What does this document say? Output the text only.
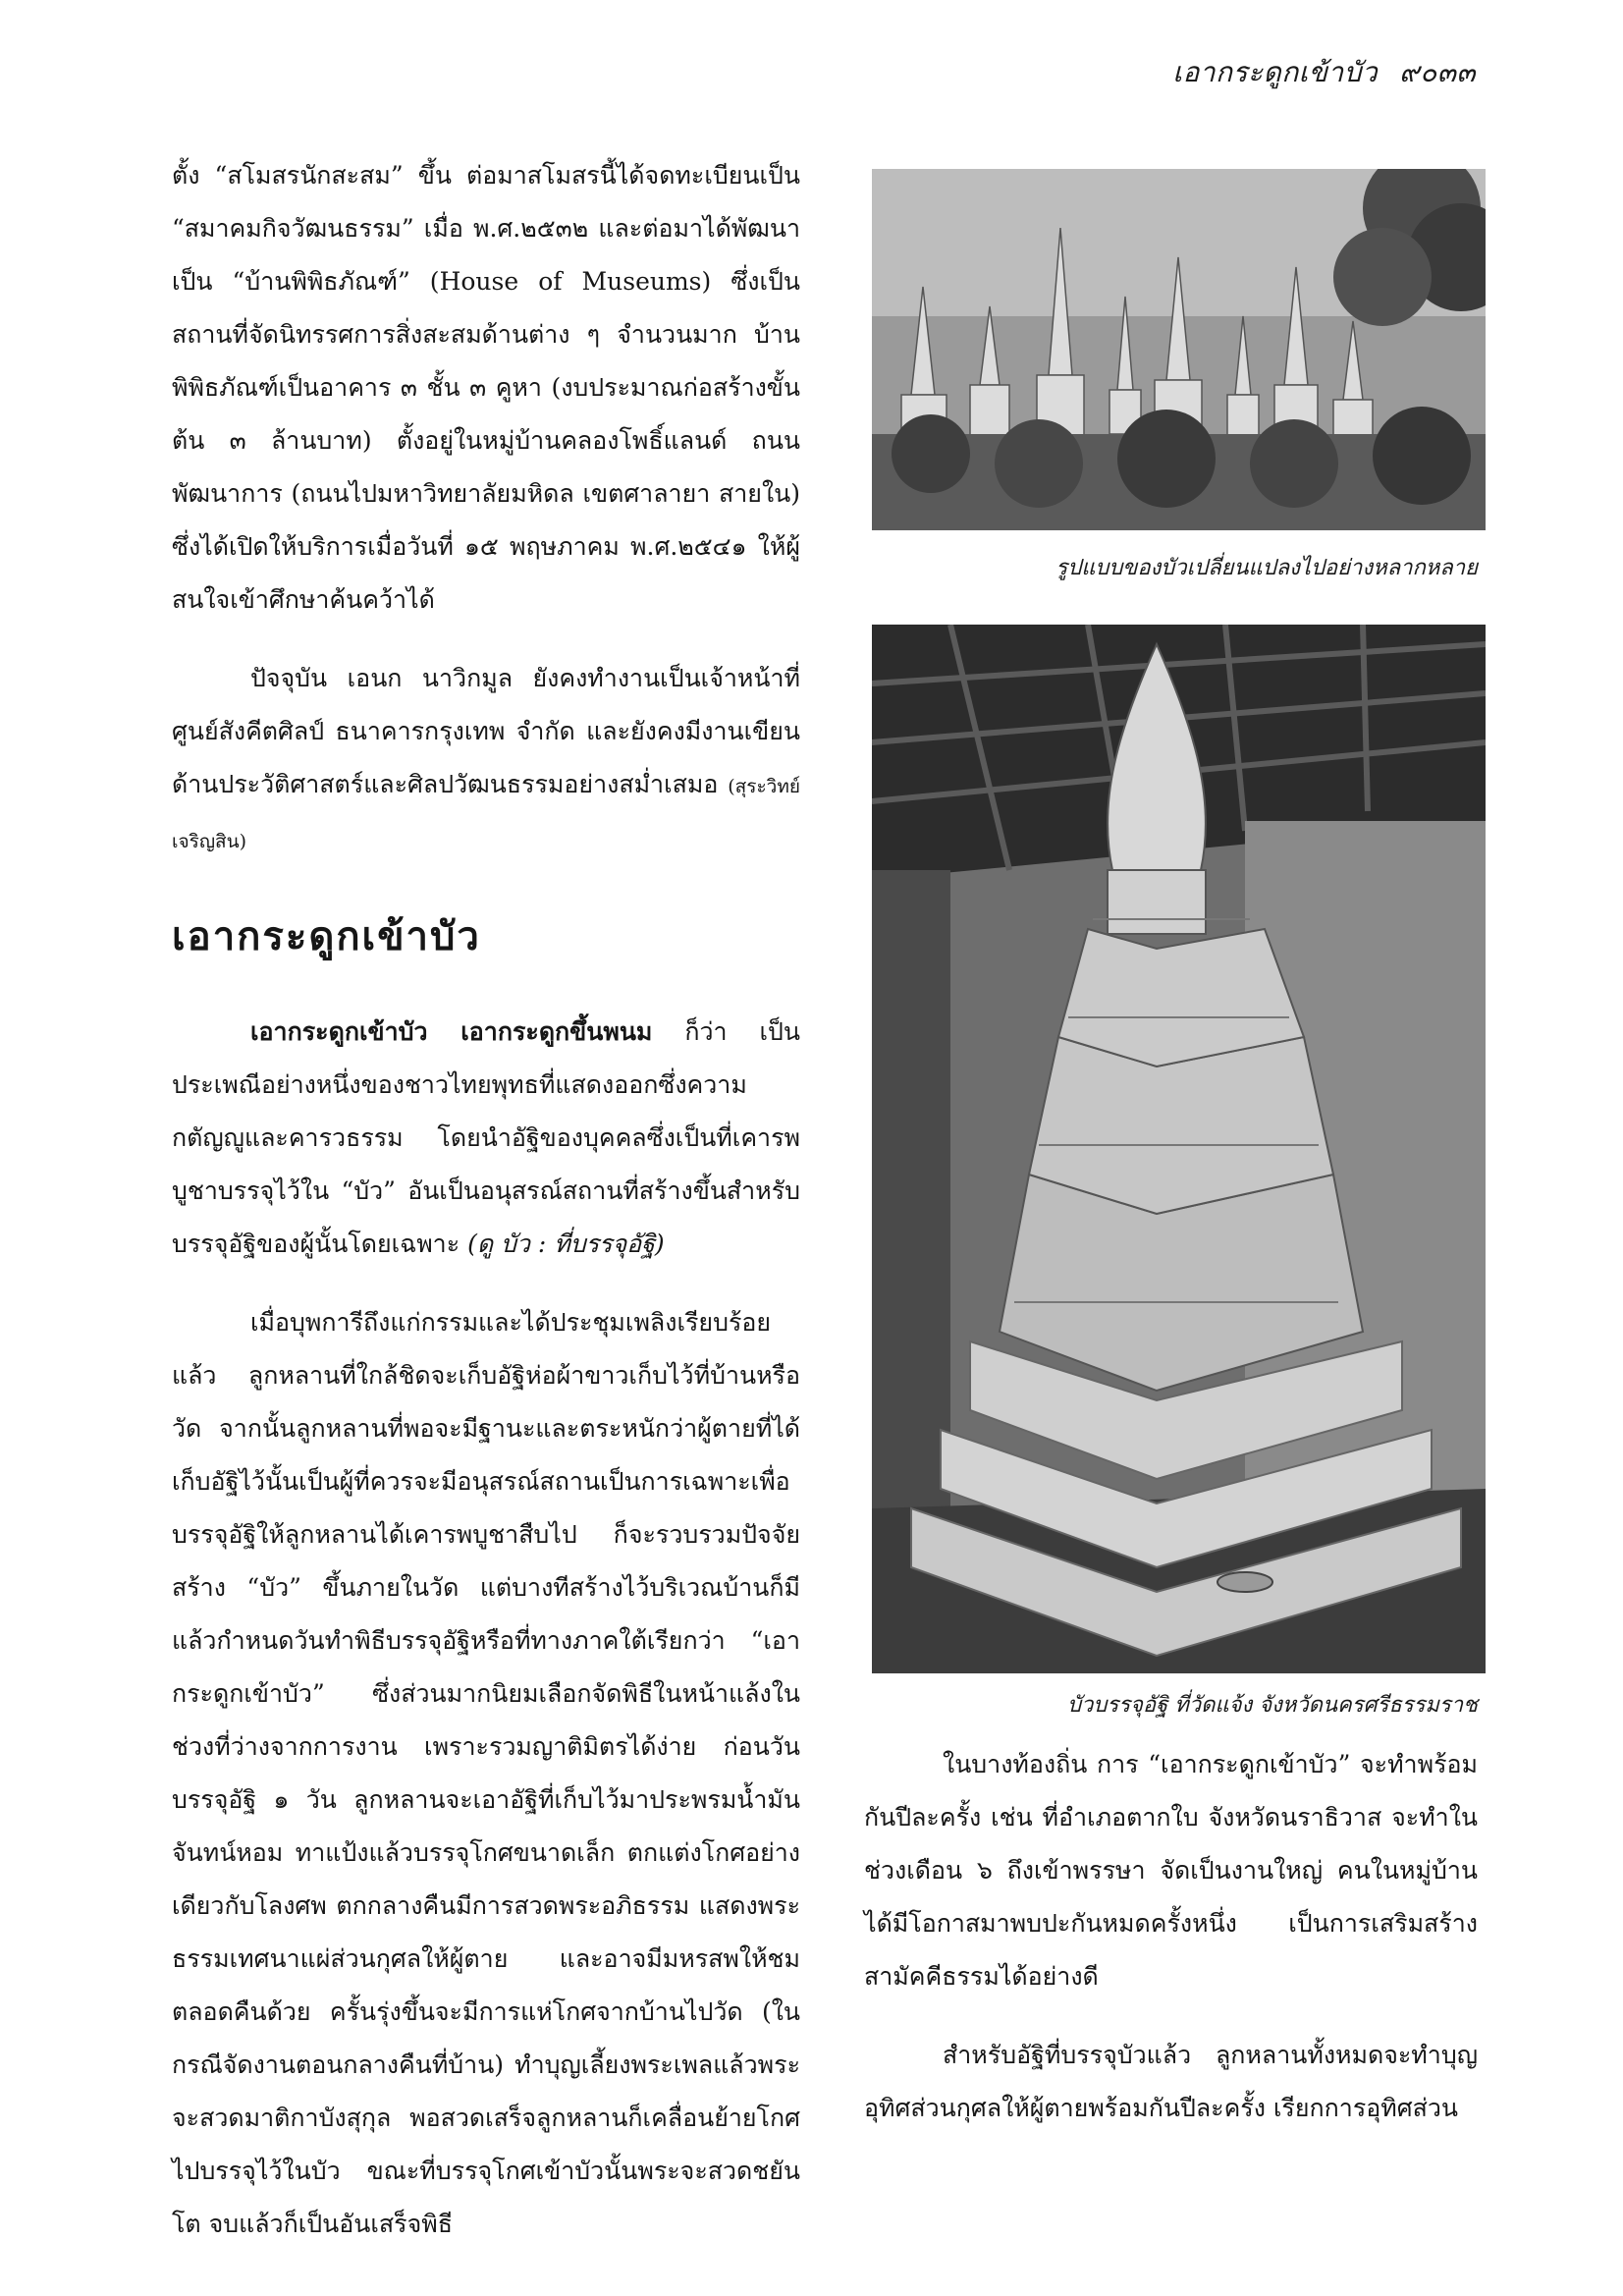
เอากระดูกเข้าบัว ๙๐๓๓

ตั้ง “สโมสรนักสะสม” ขึ้น ต่อมาสโมสรนี้ได้จดทะเบียนเป็น “สมาคมกิจวัฒนธรรม” เมื่อ พ.ศ.๒๕๓๒ และต่อมาได้พัฒนาเป็น “บ้านพิพิธภัณฑ์” (House of Museums) ซึ่งเป็นสถานที่จัดนิทรรศการสิ่งสะสมด้านต่าง ๆ จำนวนมาก บ้านพิพิธภัณฑ์เป็นอาคาร ๓ ชั้น ๓ คูหา (งบประมาณก่อสร้างขั้นต้น ๓ ล้านบาท) ตั้งอยู่ในหมู่บ้านคลองโพธิ์แลนด์ ถนนพัฒนาการ (ถนนไปมหาวิทยาลัยมหิดล เขตศาลายา สายใน) ซึ่งได้เปิดให้บริการเมื่อวันที่ ๑๕ พฤษภาคม พ.ศ.๒๕๔๑ ให้ผู้สนใจเข้าศึกษาค้นคว้าได้

ปัจจุบัน เอนก นาวิกมูล ยังคงทำงานเป็นเจ้าหน้าที่ศูนย์สังคีตศิลป์ ธนาคารกรุงเทพ จำกัด และยังคงมีงานเขียนด้านประวัติศาสตร์และศิลปวัฒนธรรมอย่างสม่ำเสมอ (สุระวิทย์ เจริญสิน)

เอากระดูกเข้าบัว

เอากระดูกเข้าบัว เอากระดูกขึ้นพนม ก็ว่า เป็นประเพณีอย่างหนึ่งของชาวไทยพุทธที่แสดงออกซึ่งความกตัญญูและคารวธรรม โดยนำอัฐิของบุคคลซึ่งเป็นที่เคารพบูชาบรรจุไว้ใน “บัว” อันเป็นอนุสรณ์สถานที่สร้างขึ้นสำหรับบรรจุอัฐิของผู้นั้นโดยเฉพาะ (ดู บัว : ที่บรรจุอัฐิ)

เมื่อบุพการีถึงแก่กรรมและได้ประชุมเพลิงเรียบร้อยแล้ว ลูกหลานที่ใกล้ชิดจะเก็บอัฐิห่อผ้าขาวเก็บไว้ที่บ้านหรือวัด จากนั้นลูกหลานที่พอจะมีฐานะและตระหนักว่าผู้ตายที่ได้เก็บอัฐิไว้นั้นเป็นผู้ที่ควรจะมีอนุสรณ์สถานเป็นการเฉพาะเพื่อบรรจุอัฐิให้ลูกหลานได้เคารพบูชาสืบไป ก็จะรวบรวมปัจจัยสร้าง “บัว” ขึ้นภายในวัด แต่บางทีสร้างไว้บริเวณบ้านก็มี แล้วกำหนดวันทำพิธีบรรจุอัฐิหรือที่ทางภาคใต้เรียกว่า “เอากระดูกเข้าบัว” ซึ่งส่วนมากนิยมเลือกจัดพิธีในหน้าแล้งในช่วงที่ว่างจากการงาน เพราะรวมญาติมิตรได้ง่าย ก่อนวันบรรจุอัฐิ ๑ วัน ลูกหลานจะเอาอัฐิที่เก็บไว้มาประพรมน้ำมัน จันทน์หอม ทาแป้งแล้วบรรจุโกศขนาดเล็ก ตกแต่งโกศอย่างเดียวกับโลงศพ ตกกลางคืนมีการสวดพระอภิธรรม แสดงพระธรรมเทศนาแผ่ส่วนกุศลให้ผู้ตาย และอาจมีมหรสพให้ชมตลอดคืนด้วย ครั้นรุ่งขึ้นจะมีการแห่โกศจากบ้านไปวัด (ในกรณีจัดงานตอนกลางคืนที่บ้าน) ทำบุญเลี้ยงพระเพลแล้วพระจะสวดมาติกาบังสุกุล พอสวดเสร็จลูกหลานก็เคลื่อนย้ายโกศไปบรรจุไว้ในบัว ขณะที่บรรจุโกศเข้าบัวนั้นพระจะสวดชยันโต จบแล้วก็เป็นอันเสร็จพิธี

รูปแบบของบัวเปลี่ยนแปลงไปอย่างหลากหลาย
บัวบรรจุอัฐิ ที่วัดแจ้ง จังหวัดนครศรีธรรมราช

ในบางท้องถิ่น การ “เอากระดูกเข้าบัว” จะทำพร้อมกันปีละครั้ง เช่น ที่อำเภอตากใบ จังหวัดนราธิวาส จะทำในช่วงเดือน ๖ ถึงเข้าพรรษา จัดเป็นงานใหญ่ คนในหมู่บ้านได้มีโอกาสมาพบปะกันหมดครั้งหนึ่ง เป็นการเสริมสร้างสามัคคีธรรมได้อย่างดี

สำหรับอัฐิที่บรรจุบัวแล้ว ลูกหลานทั้งหมดจะทำบุญอุทิศส่วนกุศลให้ผู้ตายพร้อมกันปีละครั้ง เรียกการอุทิศส่วน
